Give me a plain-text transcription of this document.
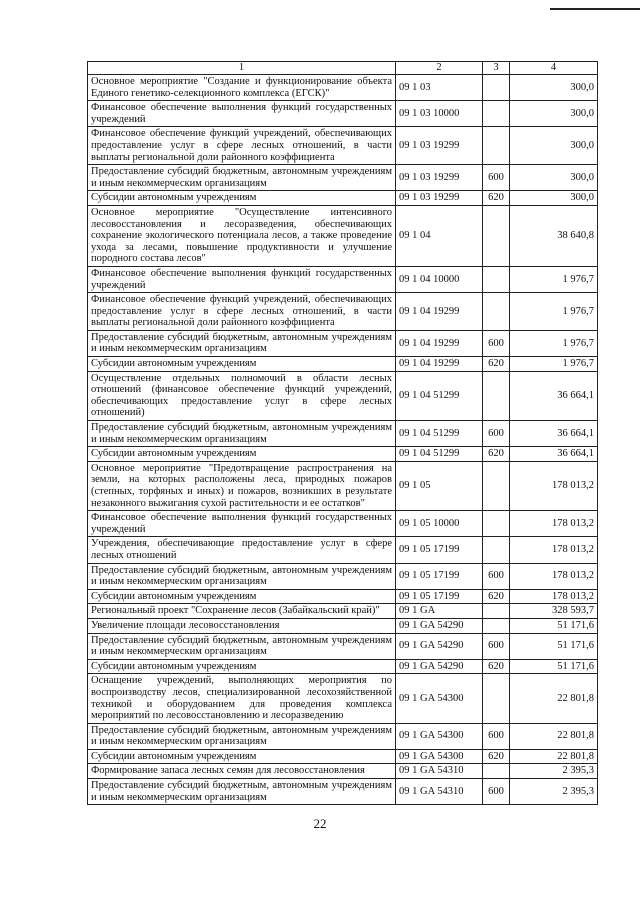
1	2	3	4
Основное мероприятие "Создание и функционирование объекта Единого генетико-селекционного комплекса (ЕГСК)"	09 1 03		300,0
Финансовое обеспечение выполнения функций государственных учреждений	09 1 03 10000		300,0
Финансовое обеспечение функций учреждений, обеспечивающих предоставление услуг в сфере лесных отношений, в части выплаты региональной доли районного коэффициента	09 1 03 19299		300,0
Предоставление субсидий бюджетным, автономным учреждениям и иным некоммерческим организациям	09 1 03 19299	600	300,0
Субсидии автономным учреждениям	09 1 03 19299	620	300,0
Основное мероприятие "Осуществление интенсивного лесовосстановления и лесоразведения, обеспечивающих сохранение экологического потенциала лесов, а также проведение ухода за лесами, повышение продуктивности и улучшение породного состава лесов"	09 1 04		38 640,8
Финансовое обеспечение выполнения функций государственных учреждений	09 1 04 10000		1 976,7
Финансовое обеспечение функций учреждений, обеспечивающих предоставление услуг в сфере лесных отношений, в части выплаты региональной доли районного коэффициента	09 1 04 19299		1 976,7
Предоставление субсидий бюджетным, автономным учреждениям и иным некоммерческим организациям	09 1 04 19299	600	1 976,7
Субсидии автономным учреждениям	09 1 04 19299	620	1 976,7
Осуществление отдельных полномочий в области лесных отношений (финансовое обеспечение функций учреждений, обеспечивающих предоставление услуг в сфере лесных отношений)	09 1 04 51299		36 664,1
Предоставление субсидий бюджетным, автономным учреждениям и иным некоммерческим организациям	09 1 04 51299	600	36 664,1
Субсидии автономным учреждениям	09 1 04 51299	620	36 664,1
Основное мероприятие "Предотвращение распространения на земли, на которых расположены леса, природных пожаров (степных, торфяных и иных) и пожаров, возникших в результате незаконного выжигания сухой растительности и ее остатков"	09 1 05		178 013,2
Финансовое обеспечение выполнения функций государственных учреждений	09 1 05 10000		178 013,2
Учреждения, обеспечивающие предоставление услуг в сфере лесных отношений	09 1 05 17199		178 013,2
Предоставление субсидий бюджетным, автономным учреждениям и иным некоммерческим организациям	09 1 05 17199	600	178 013,2
Субсидии автономным учреждениям	09 1 05 17199	620	178 013,2
Региональный проект "Сохранение лесов (Забайкальский край)"	09 1 GA		328 593,7
Увеличение площади лесовосстановления	09 1 GA 54290		51 171,6
Предоставление субсидий бюджетным, автономным учреждениям и иным некоммерческим организациям	09 1 GA 54290	600	51 171,6
Субсидии автономным учреждениям	09 1 GA 54290	620	51 171,6
Оснащение учреждений, выполняющих мероприятия по воспроизводству лесов, специализированной лесохозяйственной техникой и оборудованием для проведения комплекса мероприятий по лесовосстановлению и лесоразведению	09 1 GA 54300		22 801,8
Предоставление субсидий бюджетным, автономным учреждениям и иным некоммерческим организациям	09 1 GA 54300	600	22 801,8
Субсидии автономным учреждениям	09 1 GA 54300	620	22 801,8
Формирование запаса лесных семян для лесовосстановления	09 1 GA 54310		2 395,3
Предоставление субсидий бюджетным, автономным учреждениям и иным некоммерческим организациям	09 1 GA 54310	600	2 395,3
22
